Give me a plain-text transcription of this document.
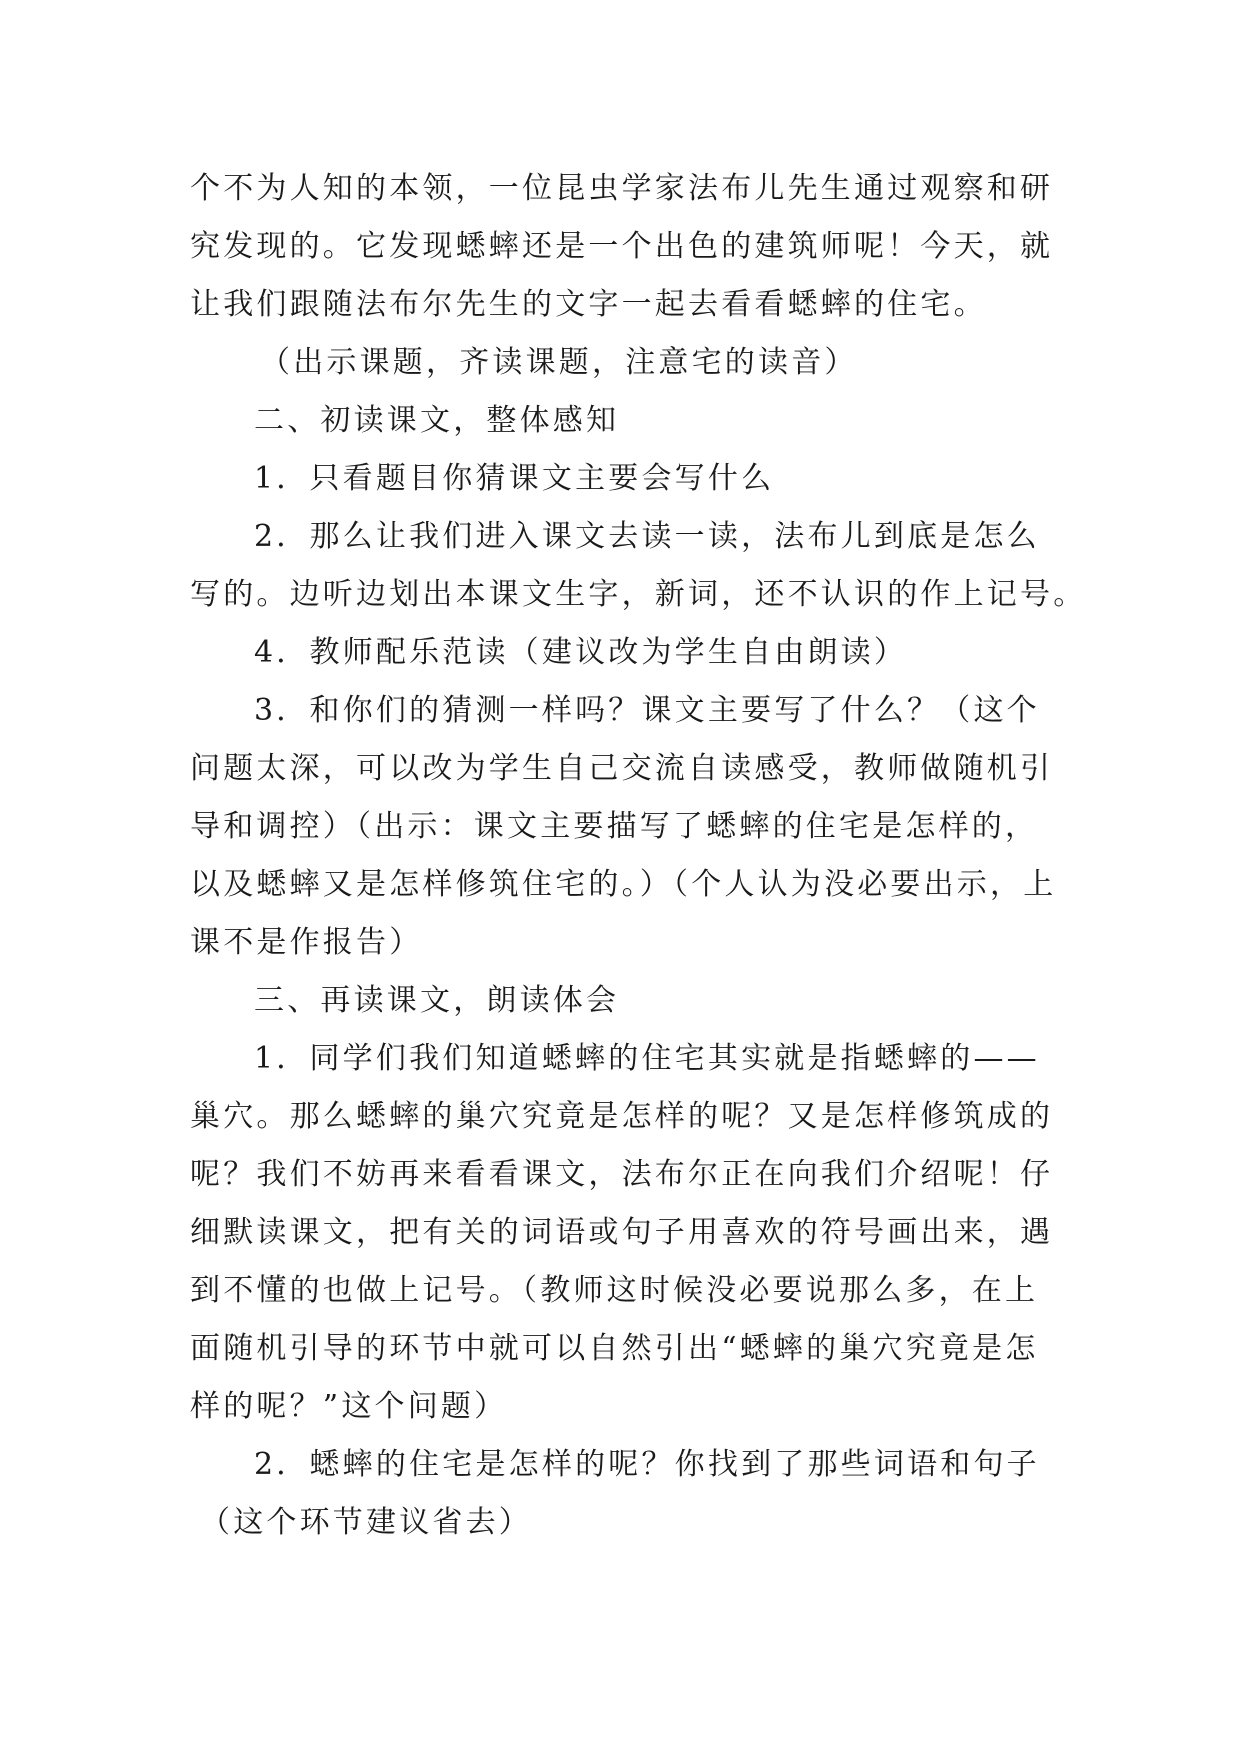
个不为人知的本领，一位昆虫学家法布儿先生通过观察和研
究发现的。它发现蟋蟀还是一个出色的建筑师呢！今天，就
让我们跟随法布尔先生的文字一起去看看蟋蟀的住宅。
（出示课题，齐读课题，注意宅的读音）
二、初读课文，整体感知
1．只看题目你猜课文主要会写什么
2．那么让我们进入课文去读一读，法布儿到底是怎么
写的。边听边划出本课文生字，新词，还不认识的作上记号。
4．教师配乐范读（建议改为学生自由朗读）
3．和你们的猜测一样吗？课文主要写了什么？（这个
问题太深，可以改为学生自己交流自读感受，教师做随机引
导和调控）（出示：课文主要描写了蟋蟀的住宅是怎样的，
以及蟋蟀又是怎样修筑住宅的。）（个人认为没必要出示，上
课不是作报告）
三、再读课文，朗读体会
1．同学们我们知道蟋蟀的住宅其实就是指蟋蟀的——
巢穴。那么蟋蟀的巢穴究竟是怎样的呢？又是怎样修筑成的
呢？我们不妨再来看看课文，法布尔正在向我们介绍呢！仔
细默读课文，把有关的词语或句子用喜欢的符号画出来，遇
到不懂的也做上记号。（教师这时候没必要说那么多，在上
面随机引导的环节中就可以自然引出“蟋蟀的巢穴究竟是怎
样的呢？”这个问题）
2．蟋蟀的住宅是怎样的呢？你找到了那些词语和句子
（这个环节建议省去）
